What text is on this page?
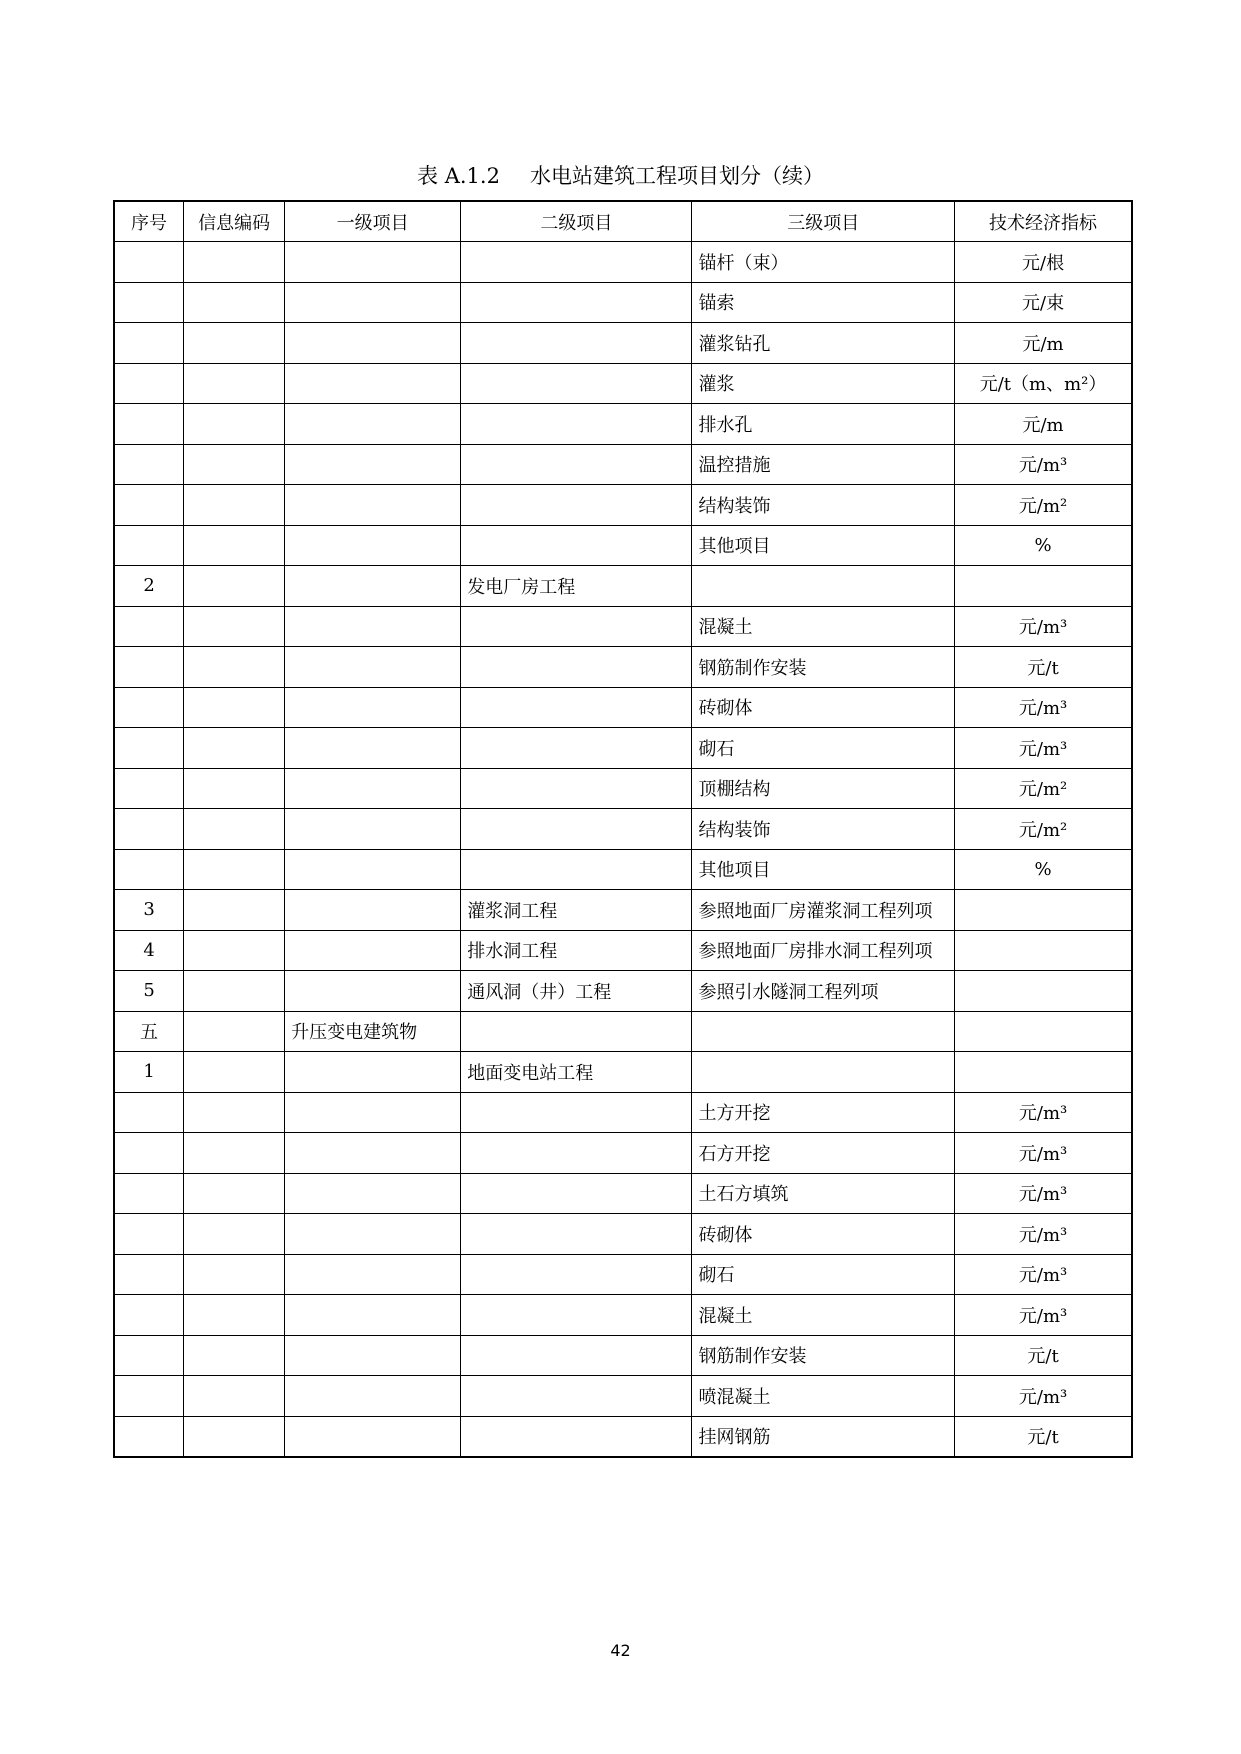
表 A.1.2 水电站建筑工程项目划分（续）
序号	信息编码	一级项目	二级项目	三级项目	技术经济指标
				锚杆（束）	元/根
				锚索	元/束
				灌浆钻孔	元/m
				灌浆	元/t（m、m²）
				排水孔	元/m
				温控措施	元/m³
				结构装饰	元/m²
				其他项目	%
2			发电厂房工程		
				混凝土	元/m³
				钢筋制作安装	元/t
				砖砌体	元/m³
				砌石	元/m³
				顶棚结构	元/m²
				结构装饰	元/m²
				其他项目	%
3			灌浆洞工程	参照地面厂房灌浆洞工程列项	
4			排水洞工程	参照地面厂房排水洞工程列项	
5			通风洞（井）工程	参照引水隧洞工程列项	
五		升压变电建筑物			
1			地面变电站工程		
				土方开挖	元/m³
				石方开挖	元/m³
				土石方填筑	元/m³
				砖砌体	元/m³
				砌石	元/m³
				混凝土	元/m³
				钢筋制作安装	元/t
				喷混凝土	元/m³
				挂网钢筋	元/t
42
